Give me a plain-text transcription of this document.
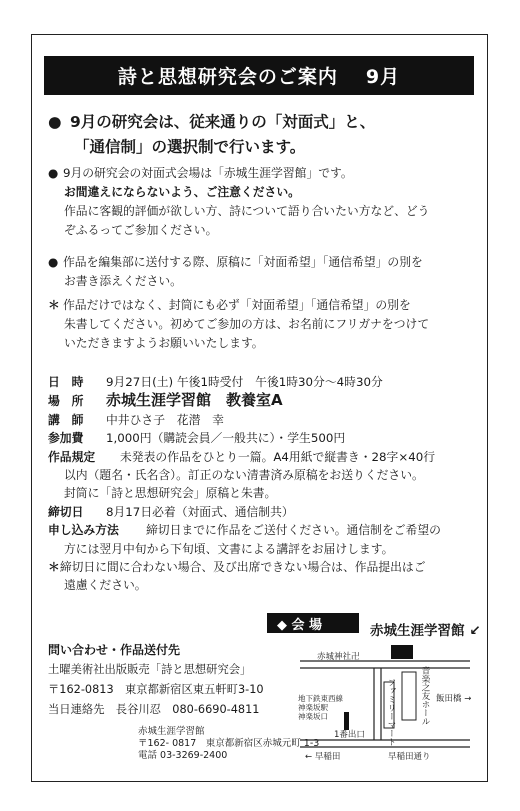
詩と思想研究会のご案内 9月
● 9月の研究会は、従来通りの「対面式」と、
「通信制」の選択制で行います。
● 9月の研究会の対面式会場は「赤城生涯学習館」です。
お間違えにならないよう、ご注意ください。
作品に客観的評価が欲しい方、詩について語り合いたい方など、どう
ぞふるってご参加ください。
● 作品を編集部に送付する際、原稿に「対面希望」「通信希望」の別を
お書き添えください。
＊ 作品だけではなく、封筒にも必ず「対面希望」「通信希望」の別を
朱書してください。初めてご参加の方は、お名前にフリガナをつけて
いただきますようお願いいたします。
日　時 9月27日(土) 午後1時受付　午後1時30分～4時30分
場　所 赤城生涯学習館　教養室A
講　師 中井ひさ子　花潜　幸
参加費 1,000円（購読会員／一般共に）・学生500円
作品規定 未発表の作品をひとり一篇。A4用紙で縦書き・28字×40行
以内（題名・氏名含）。訂正のない清書済み原稿をお送りください。
封筒に「詩と思想研究会」原稿と朱書。
締切日 8月17日必着（対面式、通信制共）
申し込み方法 締切日までに作品をご送付ください。通信制をご希望の
方には翌月中旬から下旬頃、文書による講評をお届けします。
＊締切日に間に合わない場合、及び出席できない場合は、作品提出はご
遠慮ください。
問い合わせ・作品送付先
土曜美術社出版販売「詩と思想研究会」
〒162-0813　東京都新宿区東五軒町3-10
当日連絡先　長谷川忍　080-6690-4811
赤城生涯学習館
〒162- 0817　東京都新宿区赤城元町 1-3
電話 03-3269-2400
◆ 会 場	赤城生涯学習館 ↙
赤城神社卍
地下鉄東西線
神楽坂駅
神楽坂口
1番出口 ファミリーマート	音楽之友ホール 飯田橋 →
← 早稲田	早稲田通り
